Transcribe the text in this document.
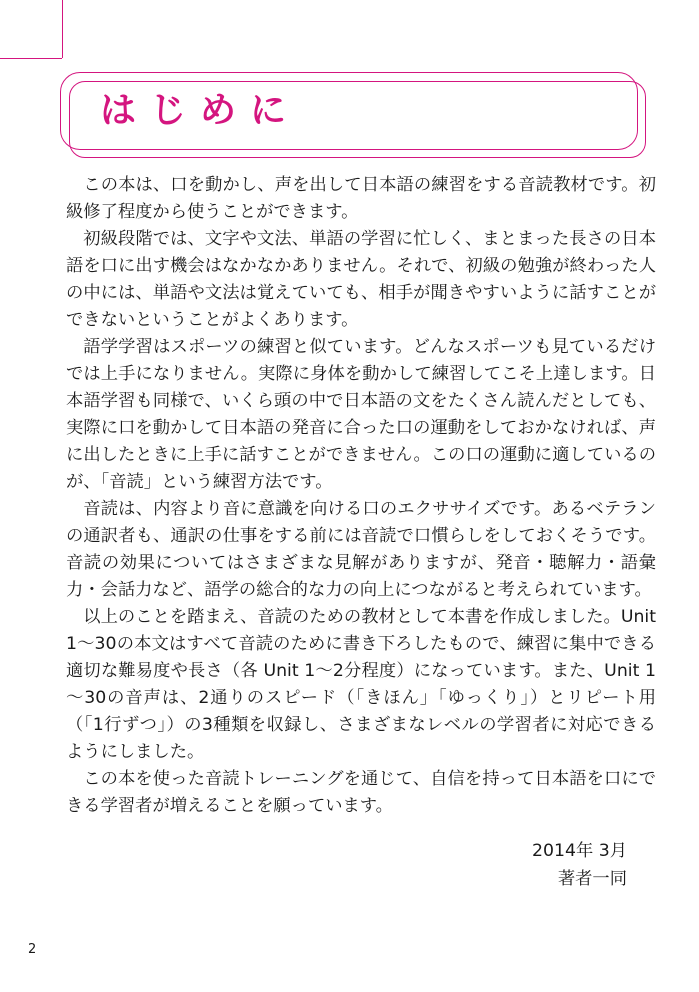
はじめに

この本は、口を動かし、声を出して日本語の練習をする音読教材です。初級修了程度から使うことができます。

初級段階では、文字や文法、単語の学習に忙しく、まとまった長さの日本語を口に出す機会はなかなかありません。それで、初級の勉強が終わった人の中には、単語や文法は覚えていても、相手が聞きやすいように話すことができないということがよくあります。

語学学習はスポーツの練習と似ています。どんなスポーツも見ているだけでは上手になりません。実際に身体を動かして練習してこそ上達します。日本語学習も同様で、いくら頭の中で日本語の文をたくさん読んだとしても、実際に口を動かして日本語の発音に合った口の運動をしておかなければ、声に出したときに上手に話すことができません。この口の運動に適しているのが、「音読」という練習方法です。

音読は、内容より音に意識を向ける口のエクササイズです。あるベテランの通訳者も、通訳の仕事をする前には音読で口慣らしをしておくそうです。音読の効果についてはさまざまな見解がありますが、発音・聴解力・語彙力・会話力など、語学の総合的な力の向上につながると考えられています。

以上のことを踏まえ、音読のための教材として本書を作成しました。Unit 1～30の本文はすべて音読のために書き下ろしたもので、練習に集中できる適切な難易度や長さ（各 Unit 1～2分程度）になっています。また、Unit 1～30の音声は、2通りのスピード（「きほん」「ゆっくり」）とリピート用（「1行ずつ」）の3種類を収録し、さまざまなレベルの学習者に対応できるようにしました。

この本を使った音読トレーニングを通じて、自信を持って日本語を口にできる学習者が増えることを願っています。

2014年 3月
著者一同
2
